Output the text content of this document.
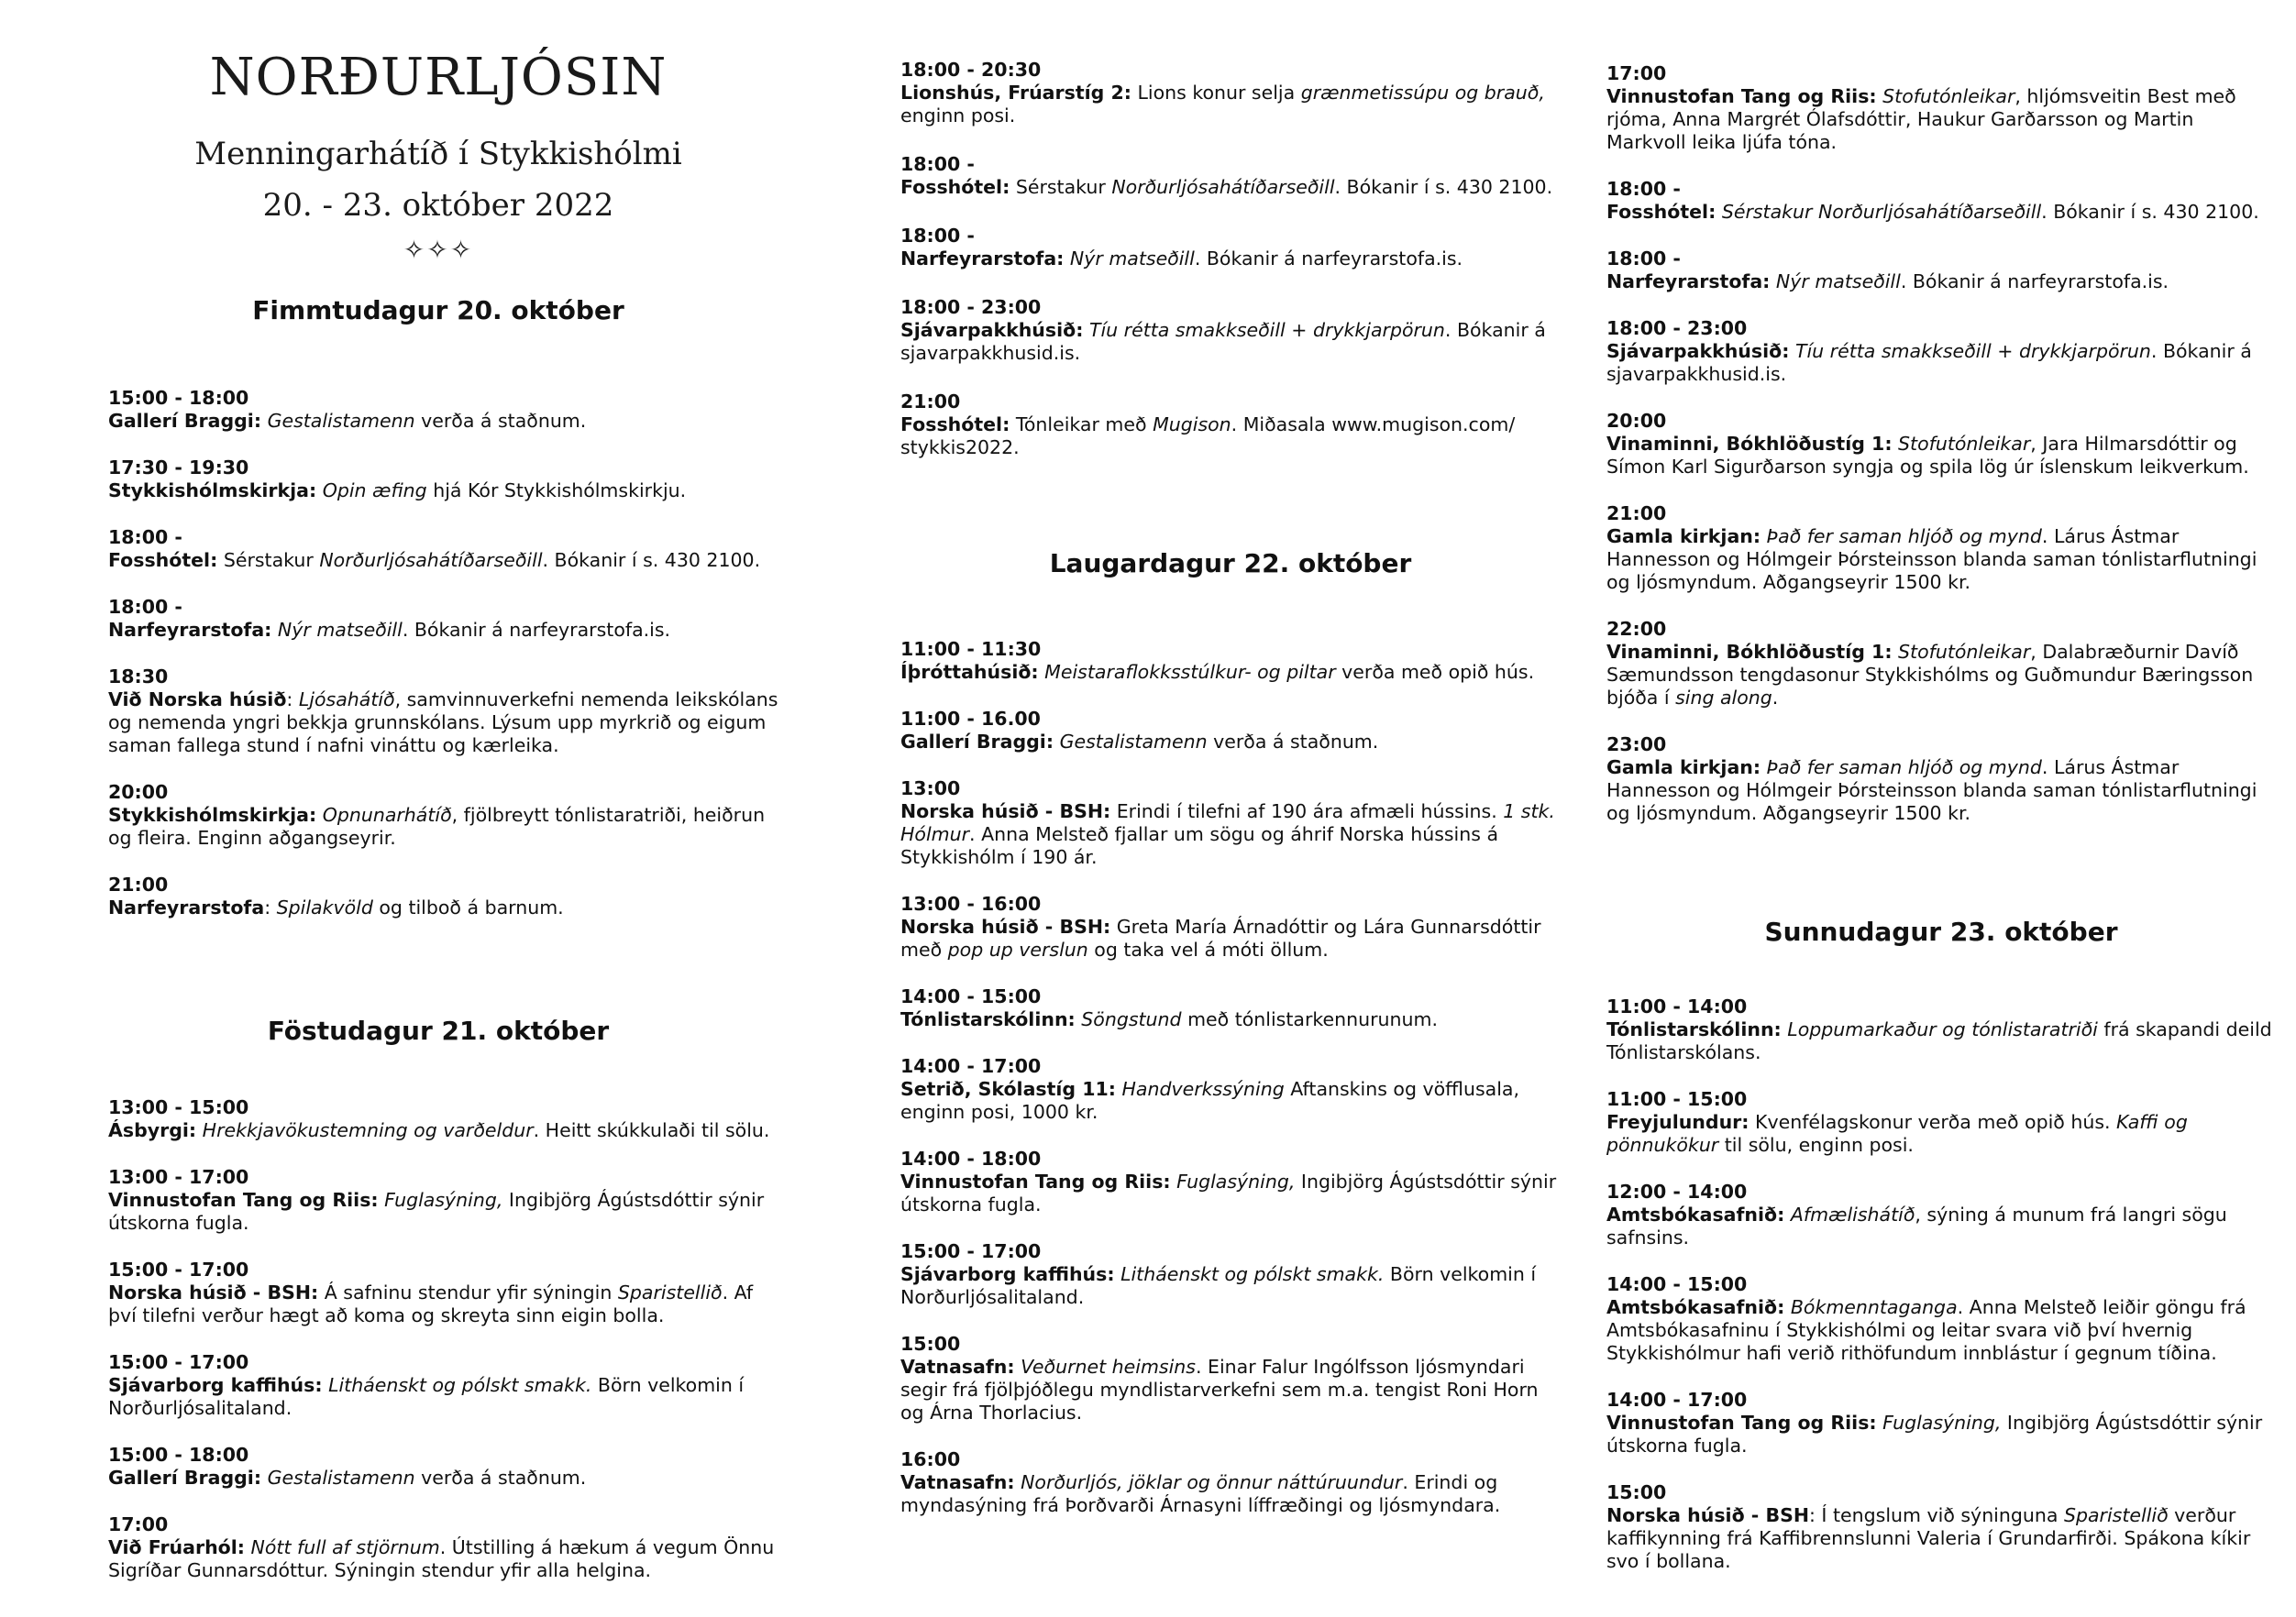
NORÐURLJÓSIN
Menningarhátíð í Stykkishólmi
20. - 23. október 2022
✧✧✧
Fimmtudagur 20. október
15:00 - 18:00
Gallerí Braggi: Gestalistamenn verða á staðnum.
17:30 - 19:30
Stykkishólmskirkja: Opin æfing hjá Kór Stykkishólmskirkju.
18:00 -
Fosshótel: Sérstakur Norðurljósahátíðarseðill. Bókanir í s. 430 2100.
18:00 -
Narfeyrarstofa: Nýr matseðill. Bókanir á narfeyrarstofa.is.
18:30
Við Norska húsið: Ljósahátíð, samvinnuverkefni nemenda leikskólans og nemenda yngri bekkja grunnskólans. Lýsum upp myrkrið og eigum saman fallega stund í nafni vináttu og kærleika.
20:00
Stykkishólmskirkja: Opnunarhátíð, fjölbreytt tónlistaratriði, heiðrun og fleira. Enginn aðgangseyrir.
21:00
Narfeyrarstofa: Spilakvöld og tilboð á barnum.
Föstudagur 21. október
13:00 - 15:00
Ásbyrgi: Hrekkjavökustemning og varðeldur. Heitt skúkkulaði til sölu.
13:00 - 17:00
Vinnustofan Tang og Riis: Fuglasýning, Ingibjörg Ágústsdóttir sýnir útskorna fugla.
15:00 - 17:00
Norska húsið - BSH: Á safninu stendur yfir sýningin Sparistellið. Af því tilefni verður hægt að koma og skreyta sinn eigin bolla.
15:00 - 17:00
Sjávarborg kaffihús: Litháenskt og pólskt smakk. Börn velkomin í Norðurljósalitaland.
15:00 - 18:00
Gallerí Braggi: Gestalistamenn verða á staðnum.
17:00
Við Frúarhól: Nótt full af stjörnum. Útstilling á hækum á vegum Önnu Sigríðar Gunnarsdóttur. Sýningin stendur yfir alla helgina.
18:00 - 20:30
Lionshús, Frúarstíg 2: Lions konur selja grænmetissúpu og brauð, enginn posi.
18:00 -
Fosshótel: Sérstakur Norðurljósahátíðarseðill. Bókanir í s. 430 2100.
18:00 -
Narfeyrarstofa: Nýr matseðill. Bókanir á narfeyrarstofa.is.
18:00 - 23:00
Sjávarpakkhúsið: Tíu rétta smakkseðill + drykkjarpörun. Bókanir á sjavarpakkhusid.is.
21:00
Fosshótel: Tónleikar með Mugison. Miðasala www.mugison.com/ stykkis2022.
Laugardagur 22. október
11:00 - 11:30
Íþróttahúsið: Meistaraflokksstúlkur- og piltar verða með opið hús.
11:00 - 16.00
Gallerí Braggi: Gestalistamenn verða á staðnum.
13:00
Norska húsið - BSH: Erindi í tilefni af 190 ára afmæli hússins. 1 stk. Hólmur. Anna Melsteð fjallar um sögu og áhrif Norska hússins á Stykkishólm í 190 ár.
13:00 - 16:00
Norska húsið - BSH: Greta María Árnadóttir og Lára Gunnarsdóttir með pop up verslun og taka vel á móti öllum.
14:00 - 15:00
Tónlistarskólinn: Söngstund með tónlistarkennurunum.
14:00 - 17:00
Setrið, Skólastíg 11: Handverkssýning Aftanskins og vöfflusala, enginn posi, 1000 kr.
14:00 - 18:00
Vinnustofan Tang og Riis: Fuglasýning, Ingibjörg Ágústsdóttir sýnir útskorna fugla.
15:00 - 17:00
Sjávarborg kaffihús: Litháenskt og pólskt smakk. Börn velkomin í Norðurljósalitaland.
15:00
Vatnasafn: Veðurnet heimsins. Einar Falur Ingólfsson ljósmyndari segir frá fjölþjóðlegu myndlistarverkefni sem m.a. tengist Roni Horn og Árna Thorlacius.
16:00
Vatnasafn: Norðurljós, jöklar og önnur náttúruundur. Erindi og myndasýning frá Þorðvarði Árnasyni líffræðingi og ljósmyndara.
17:00
Vinnustofan Tang og Riis: Stofutónleikar, hljómsveitin Best með rjóma, Anna Margrét Ólafsdóttir, Haukur Garðarsson og Martin Markvoll leika ljúfa tóna.
18:00 -
Fosshótel: Sérstakur Norðurljósahátíðarseðill. Bókanir í s. 430 2100.
18:00 -
Narfeyrarstofa: Nýr matseðill. Bókanir á narfeyrarstofa.is.
18:00 - 23:00
Sjávarpakkhúsið: Tíu rétta smakkseðill + drykkjarpörun. Bókanir á sjavarpakkhusid.is.
20:00
Vinaminni, Bókhlöðustíg 1: Stofutónleikar, Jara Hilmarsdóttir og Símon Karl Sigurðarson syngja og spila lög úr íslenskum leikverkum.
21:00
Gamla kirkjan: Það fer saman hljóð og mynd. Lárus Ástmar Hannesson og Hólmgeir Þórsteinsson blanda saman tónlistarflutningi og ljósmyndum. Aðgangseyrir 1500 kr.
22:00
Vinaminni, Bókhlöðustíg 1: Stofutónleikar, Dalabræðurnir Davíð Sæmundsson tengdasonur Stykkishólms og Guðmundur Bæringsson bjóða í sing along.
23:00
Gamla kirkjan: Það fer saman hljóð og mynd. Lárus Ástmar Hannesson og Hólmgeir Þórsteinsson blanda saman tónlistarflutningi og ljósmyndum. Aðgangseyrir 1500 kr.
Sunnudagur 23. október
11:00 - 14:00
Tónlistarskólinn: Loppumarkaður og tónlistaratriði frá skapandi deild Tónlistarskólans.
11:00 - 15:00
Freyjulundur: Kvenfélagskonur verða með opið hús. Kaffi og pönnukökur til sölu, enginn posi.
12:00 - 14:00
Amtsbókasafnið: Afmælishátíð, sýning á munum frá langri sögu safnsins.
14:00 - 15:00
Amtsbókasafnið: Bókmenntaganga. Anna Melsteð leiðir göngu frá Amtsbókasafninu í Stykkishólmi og leitar svara við því hvernig Stykkishólmur hafi verið rithöfundum innblástur í gegnum tíðina.
14:00 - 17:00
Vinnustofan Tang og Riis: Fuglasýning, Ingibjörg Ágústsdóttir sýnir útskorna fugla.
15:00
Norska húsið - BSH: Í tengslum við sýninguna Sparistellið verður kaffikynning frá Kaffibrennslunni Valeria í Grundarfirði. Spákona kíkir svo í bollana.
